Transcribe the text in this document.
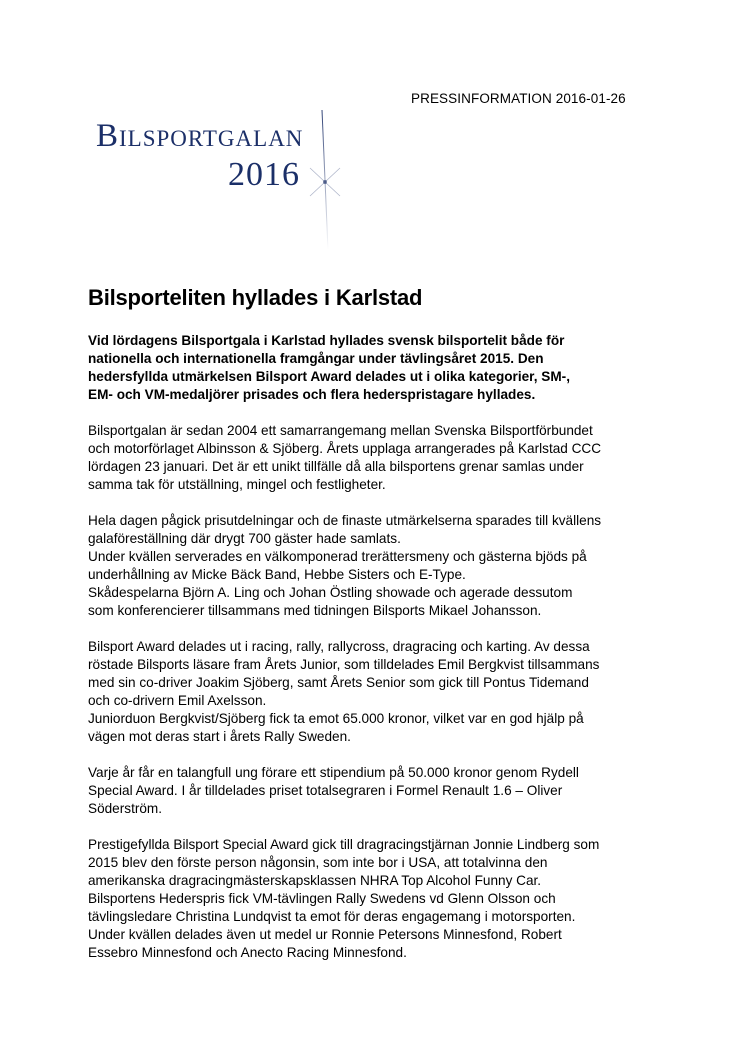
PRESSINFORMATION 2016-01-26
Bilsportgalan
2016
Bilsporteliten hyllades i Karlstad

Vid lördagens Bilsportgala i Karlstad hyllades svensk bilsportelit både för
nationella och internationella framgångar under tävlingsåret 2015. Den
hedersfyllda utmärkelsen Bilsport Award delades ut i olika kategorier, SM-,
EM- och VM-medaljörer prisades och flera hederspristagare hyllades.

Bilsportgalan är sedan 2004 ett samarrangemang mellan Svenska Bilsportförbundet
och motorförlaget Albinsson & Sjöberg. Årets upplaga arrangerades på Karlstad CCC
lördagen 23 januari. Det är ett unikt tillfälle då alla bilsportens grenar samlas under
samma tak för utställning, mingel och festligheter.

Hela dagen pågick prisutdelningar och de finaste utmärkelserna sparades till kvällens
galaföreställning där drygt 700 gäster hade samlats.
Under kvällen serverades en välkomponerad trerättersmeny och gästerna bjöds på
underhållning av Micke Bäck Band, Hebbe Sisters och E-Type.
Skådespelarna Björn A. Ling och Johan Östling showade och agerade dessutom
som konferencierer tillsammans med tidningen Bilsports Mikael Johansson.

Bilsport Award delades ut i racing, rally, rallycross, dragracing och karting. Av dessa
röstade Bilsports läsare fram Årets Junior, som tilldelades Emil Bergkvist tillsammans
med sin co-driver Joakim Sjöberg, samt Årets Senior som gick till Pontus Tidemand
och co-drivern Emil Axelsson.
Juniorduon Bergkvist/Sjöberg fick ta emot 65.000 kronor, vilket var en god hjälp på
vägen mot deras start i årets Rally Sweden.

Varje år får en talangfull ung förare ett stipendium på 50.000 kronor genom Rydell
Special Award. I år tilldelades priset totalsegraren i Formel Renault 1.6 – Oliver
Söderström.

Prestigefyllda Bilsport Special Award gick till dragracingstjärnan Jonnie Lindberg som
2015 blev den förste person någonsin, som inte bor i USA, att totalvinna den
amerikanska dragracingmästerskapsklassen NHRA Top Alcohol Funny Car.
Bilsportens Hederspris fick VM-tävlingen Rally Swedens vd Glenn Olsson och
tävlingsledare Christina Lundqvist ta emot för deras engagemang i motorsporten.
Under kvällen delades även ut medel ur Ronnie Petersons Minnesfond, Robert
Essebro Minnesfond och Anecto Racing Minnesfond.
